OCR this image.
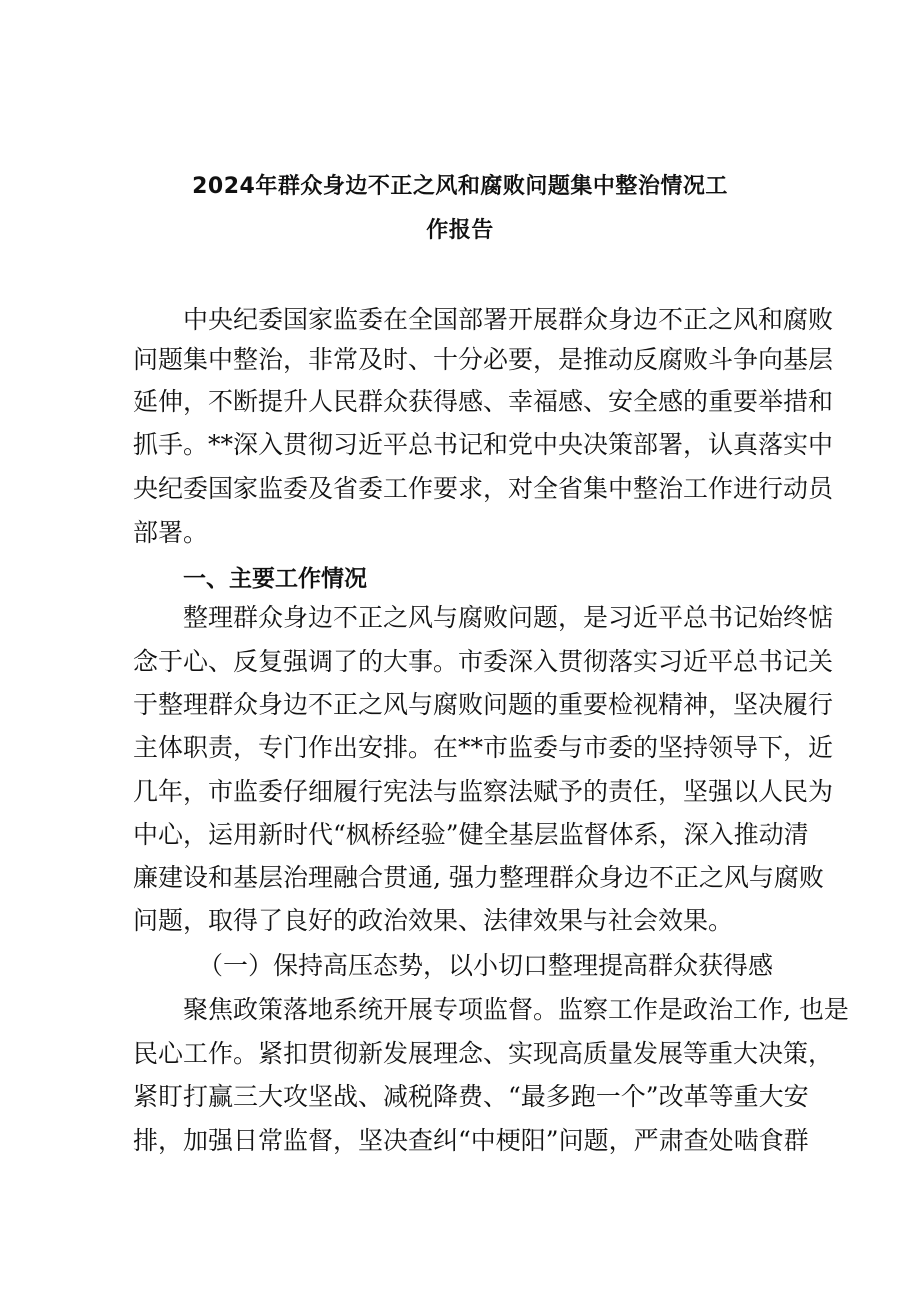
2024年群众身边不正之风和腐败问题集中整治情况工
作报告
中央纪委国家监委在全国部署开展群众身边不正之风和腐败
问题集中整治，非常及时、十分必要，是推动反腐败斗争向基层
延伸，不断提升人民群众获得感、幸福感、安全感的重要举措和
抓手。**深入贯彻习近平总书记和党中央决策部署，认真落实中
央纪委国家监委及省委工作要求，对全省集中整治工作进行动员
部署。
一、主要工作情况
整理群众身边不正之风与腐败问题，是习近平总书记始终惦
念于心、反复强调了的大事。市委深入贯彻落实习近平总书记关
于整理群众身边不正之风与腐败问题的重要检视精神，坚决履行
主体职责，专门作出安排。在**市监委与市委的坚持领导下，近
几年，市监委仔细履行宪法与监察法赋予的责任，坚强以人民为
中心，运用新时代“枫桥经验”健全基层监督体系，深入推动清
廉建设和基层治理融合贯通, 强力整理群众身边不正之风与腐败
问题，取得了良好的政治效果、法律效果与社会效果。
（一）保持高压态势，以小切口整理提高群众获得感
聚焦政策落地系统开展专项监督。监察工作是政治工作, 也是
民心工作。紧扣贯彻新发展理念、实现高质量发展等重大决策，
紧盯打赢三大攻坚战、减税降费、“最多跑一个”改革等重大安
排，加强日常监督，坚决查纠“中梗阳”问题，严肃查处啮食群
